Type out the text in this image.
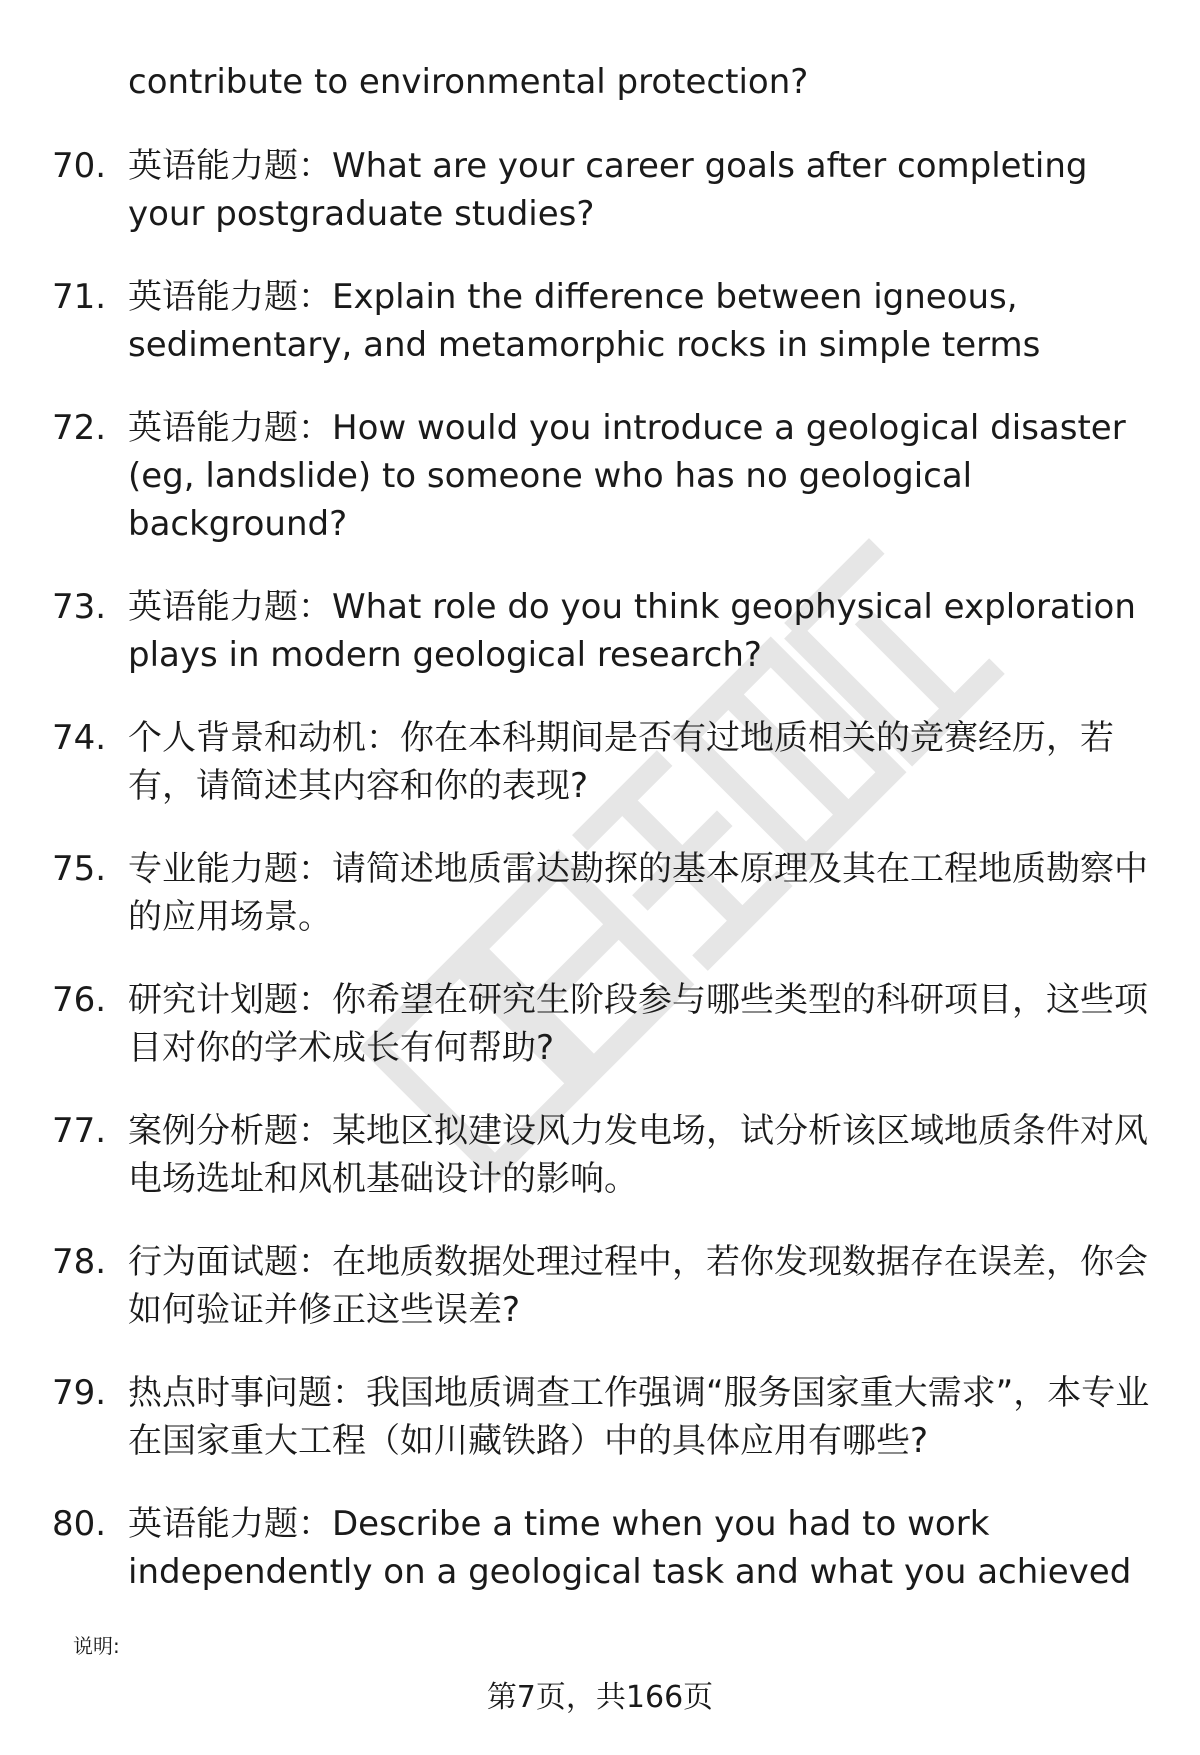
contribute to environmental protection?
70. 英语能力题：What are your career goals after completing your postgraduate studies?
71. 英语能力题：Explain the difference between igneous, sedimentary, and metamorphic rocks in simple terms
72. 英语能力题：How would you introduce a geological disaster (eg, landslide) to someone who has no geological background?
73. 英语能力题：What role do you think geophysical exploration plays in modern geological research?
74. 个人背景和动机：你在本科期间是否有过地质相关的竞赛经历，若有，请简述其内容和你的表现?
75. 专业能力题：请简述地质雷达勘探的基本原理及其在工程地质勘察中的应用场景。
76. 研究计划题：你希望在研究生阶段参与哪些类型的科研项目，这些项目对你的学术成长有何帮助?
77. 案例分析题：某地区拟建设风力发电场，试分析该区域地质条件对风电场选址和风机基础设计的影响。
78. 行为面试题：在地质数据处理过程中，若你发现数据存在误差，你会如何验证并修正这些误差?
79. 热点时事问题：我国地质调查工作强调“服务国家重大需求”，本专业在国家重大工程（如川藏铁路）中的具体应用有哪些?
80. 英语能力题：Describe a time when you had to work independently on a geological task and what you achieved
说明:
第7页，共166页
